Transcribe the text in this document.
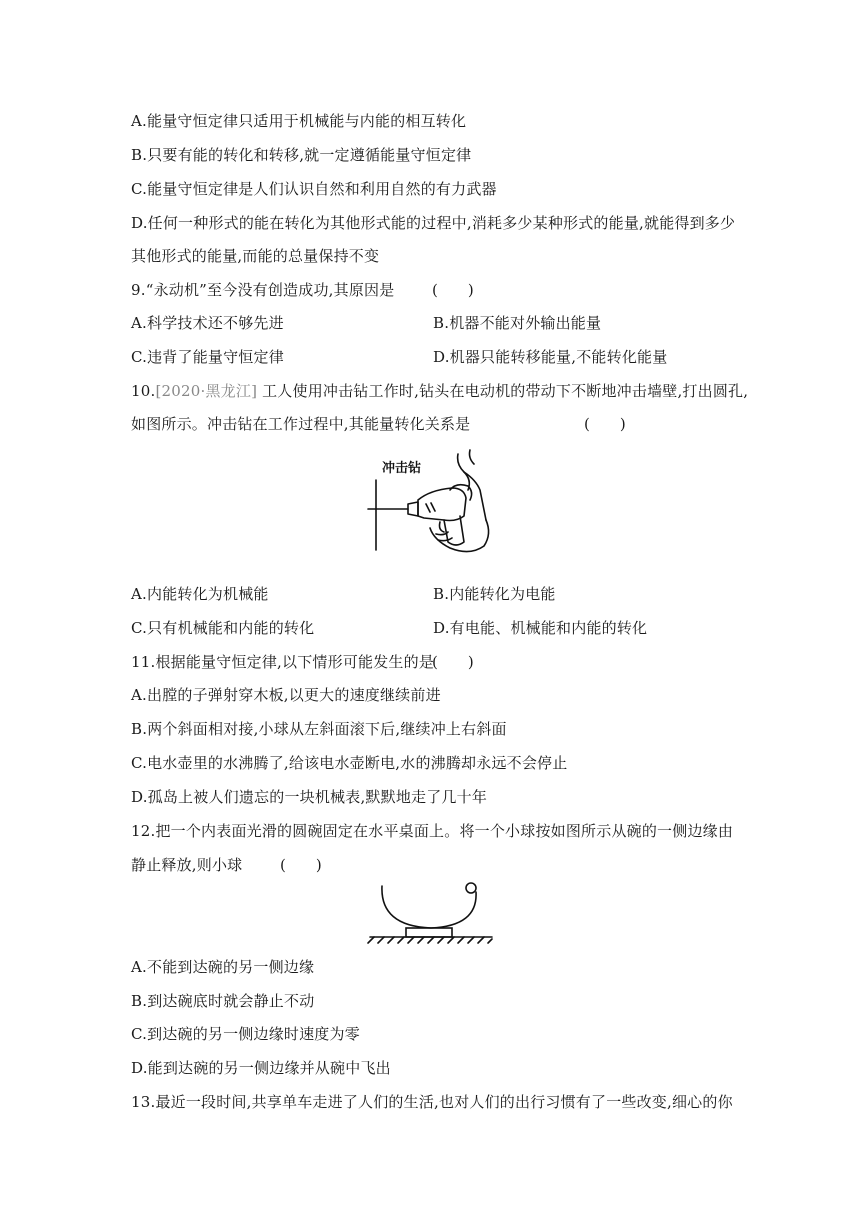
A.能量守恒定律只适用于机械能与内能的相互转化
B.只要有能的转化和转移,就一定遵循能量守恒定律
C.能量守恒定律是人们认识自然和利用自然的有力武器
D.任何一种形式的能在转化为其他形式能的过程中,消耗多少某种形式的能量,就能得到多少
其他形式的能量,而能的总量保持不变
9.“永动机”至今没有创造成功,其原因是	(　　)
A.科学技术还不够先进	B.机器不能对外输出能量
C.违背了能量守恒定律	D.机器只能转移能量,不能转化能量
10.[2020·黑龙江] 工人使用冲击钻工作时,钻头在电动机的带动下不断地冲击墙壁,打出圆孔,
如图所示。冲击钻在工作过程中,其能量转化关系是	(　　)
冲击钻
A.内能转化为机械能	B.内能转化为电能
C.只有机械能和内能的转化	D.有电能、机械能和内能的转化
11.根据能量守恒定律,以下情形可能发生的是
(　　)
A.出膛的子弹射穿木板,以更大的速度继续前进
B.两个斜面相对接,小球从左斜面滚下后,继续冲上右斜面
C.电水壶里的水沸腾了,给该电水壶断电,水的沸腾却永远不会停止
D.孤岛上被人们遗忘的一块机械表,默默地走了几十年
12.把一个内表面光滑的圆碗固定在水平桌面上。将一个小球按如图所示从碗的一侧边缘由
静止释放,则小球	(　　)
A.不能到达碗的另一侧边缘
B.到达碗底时就会静止不动
C.到达碗的另一侧边缘时速度为零
D.能到达碗的另一侧边缘并从碗中飞出
13.最近一段时间,共享单车走进了人们的生活,也对人们的出行习惯有了一些改变,细心的你
